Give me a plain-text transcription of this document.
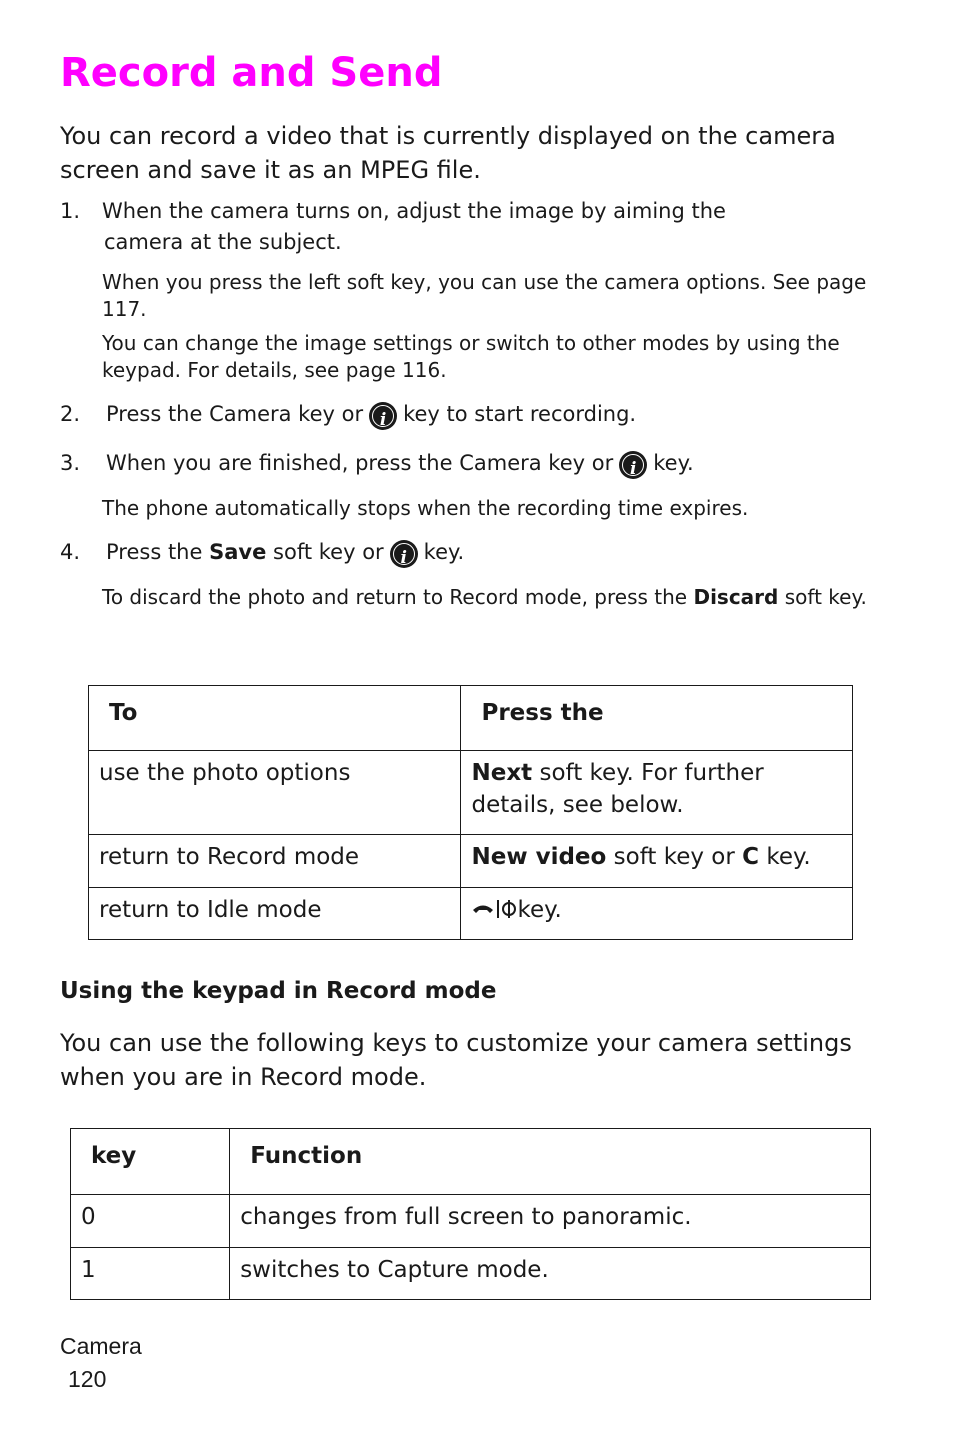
Record and Send
You can record a video that is currently displayed on the camera screen and save it as an MPEG file.
1. When the camera turns on, adjust the image by aiming the
camera at the subject.
When you press the left soft key, you can use the camera options. See page 117.
You can change the image settings or switch to other modes by using the keypad. For details, see page 116.
2. Press the Camera key or i key to start recording.
3. When you are finished, press the Camera key or i key.
The phone automatically stops when the recording time expires.
4. Press the Save soft key or i key.
To discard the photo and return to Record mode, press the Discard soft key.
To	Press the
use the photo options	Next soft key. For further details, see below.
return to Record mode	New video soft key or C key.
return to Idle mode	key.
Using the keypad in Record mode
You can use the following keys to customize your camera settings when you are in Record mode.
key	Function
0	changes from full screen to panoramic.
1	switches to Capture mode.
Camera
120
